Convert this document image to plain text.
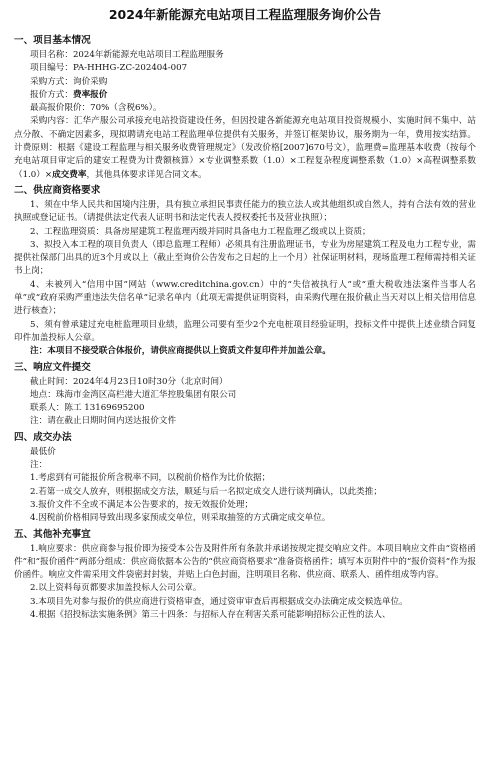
2024年新能源充电站项目工程监理服务询价公告
一、项目基本情况

项目名称：2024年新能源充电站项目工程监理服务

项目编号：PA-HHHG-ZC-202404-007

采购方式：询价采购

报价方式：费率报价

最高报价限价：70%（含税6%）。

采购内容：汇华产服公司承接充电站投资建设任务，但因投建各新能源充电站项目投资规模小、实施时间不集中、站点分散、不确定因素多，现拟聘请充电站工程监理单位提供有关服务，并签订框架协议，服务期为一年，费用按实结算。计费原则：根据《建设工程监理与相关服务收费管理规定》（发改价格[2007]670号文），监理费=监理基本收费（按每个充电站项目审定后的建安工程费为计费额核算）×专业调整系数（1.0）×工程复杂程度调整系数（1.0）×高程调整系数（1.0）×成交费率，其他具体要求详见合同文本。

二、供应商资格要求

1、须在中华人民共和国境内注册，具有独立承担民事责任能力的独立法人或其他组织或自然人，持有合法有效的营业执照或登记证书。（请提供法定代表人证明书和法定代表人授权委托书及营业执照）；

2、工程监理资质：具备房屋建筑工程监理丙级并同时具备电力工程监理乙级或以上资质；

3、拟投入本工程的项目负责人（即总监理工程师）必须具有注册监理证书，专业为房屋建筑工程及电力工程专业，需提供社保部门出具的近3个月或以上（截止至询价公告发布之日起的上一个月）社保证明材料，现场监理工程师需持相关证书上岗；

4、未被列入“信用中国”网站（www.creditchina.gov.cn）中的“失信被执行人”或“重大税收违法案件当事人名单”或“政府采购严重违法失信名单”记录名单内（此项无需提供证明资料，由采购代理在报价截止当天对以上相关信用信息进行核查）；

5、须有曾承建过充电桩监理项目业绩，监理公司要有至少2个充电桩项目经验证明，投标文件中提供上述业绩合同复印件加盖投标人公章。

注：本项目不接受联合体报价，请供应商提供以上资质文件复印件并加盖公章。

三、响应文件提交

截止时间：2024年4月23日10时30分（北京时间）

地点：珠海市金湾区高栏港大道汇华控股集团有限公司

联系人：陈工 13169695200

注：请在截止日期时间内送达报价文件

四、成交办法

最低价

注：

1.考虑到有可能报价所含税率不同，以税前价格作为比价依据；

2.若第一成交人放弃，则根据成交方法，顺延与后一名拟定成交人进行谈判确认，以此类推；

3.报价文件不全或不满足本公告要求的，按无效报价处理；

4.因税前价格相同导致出现多家预成交单位，则采取抽签的方式确定成交单位。

五、其他补充事宜

1.响应要求：供应商参与报价即为接受本公告及附件所有条款并承诺按规定提交响应文件。本项目响应文件由“资格函件”和“报价函件”两部分组成：供应商依据本公告的“供应商资格要求”准备资格函件；填写本页附件中的“报价资料”作为报价函件。响应文件需采用文件袋密封封装，并贴上白色封面，注明项目名称、供应商、联系人、函件组成等内容。

2.以上资料每页都要求加盖投标人公司公章。

3.本项目先对参与报价的供应商进行资格审查，通过资审审查后再根据成交办法确定成交候选单位。

4.根据《招投标法实施条例》第三十四条：与招标人存在利害关系可能影响招标公正性的法人、
